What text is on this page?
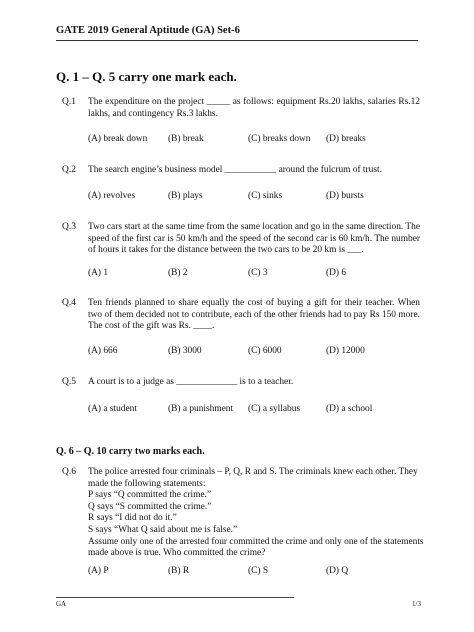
GATE 2019 General Aptitude (GA) Set-6
Q. 1 – Q. 5 carry one mark each.
Q.1 The expenditure on the project _____ as follows: equipment Rs.20 lakhs, salaries Rs.12 lakhs, and contingency Rs.3 lakhs.
(A) break down (B) break	(C) breaks down (D) breaks
Q.2 The search engine’s business model ___________ around the fulcrum of trust.
(A) revolves	(B) plays	(C) sinks	(D) bursts
Q.3 Two cars start at the same time from the same location and go in the same direction. The speed of the first car is 50 km/h and the speed of the second car is 60 km/h. The number of hours it takes for the distance between the two cars to be 20 km is ___.
(A) 1	(B) 2	(C) 3	(D) 6
Q.4 Ten friends planned to share equally the cost of buying a gift for their teacher. When two of them decided not to contribute, each of the other friends had to pay Rs 150 more. The cost of the gift was Rs. ____.
(A) 666	(B) 3000	(C) 6000	(D) 12000
Q.5 A court is to a judge as _____________ is to a teacher.
(A) a student	(B) a punishment (C) a syllabus	(D) a school
Q. 6 – Q. 10 carry two marks each.
Q.6 The police arrested four criminals – P, Q, R and S. The criminals knew each other. They
made the following statements:
P says “Q committed the crime.”
Q says “S committed the crime.”
R says “I did not do it.”
S says “What Q said about me is false.”
Assume only one of the arrested four committed the crime and only one of the statements
made above is true. Who committed the crime?
(A) P	(B) R	(C) S	(D) Q
GA	1/3
